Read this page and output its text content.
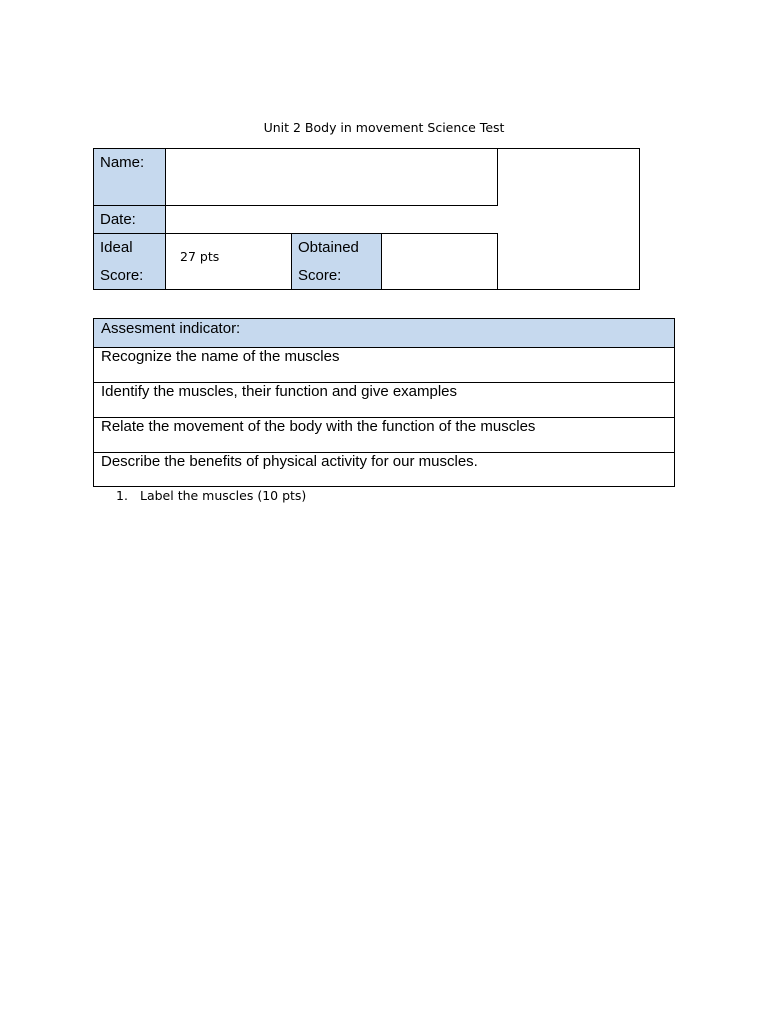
Unit 2 Body in movement Science Test
Name:
Date:
Ideal
Score:
27 pts
Obtained
Score:
Assesment indicator:
Recognize the name of the muscles
Identify the muscles, their function and give examples
Relate the movement of the body with the function of the muscles
Describe the benefits of physical activity for our muscles.
1. Label the muscles (10 pts)
